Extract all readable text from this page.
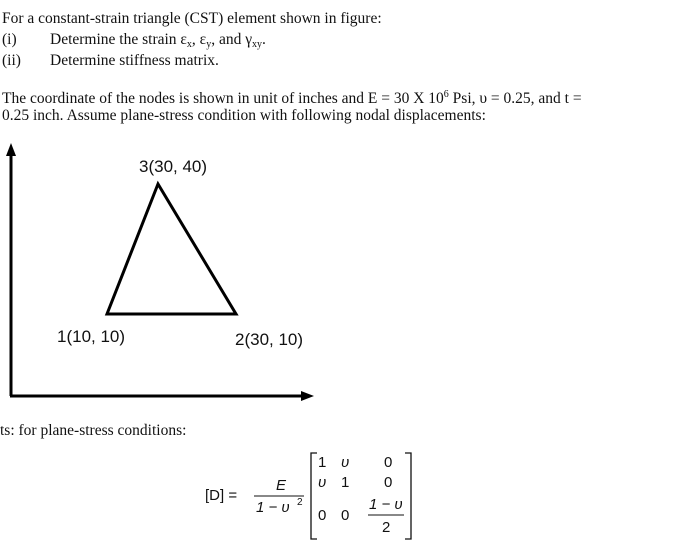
For a constant-strain triangle (CST) element shown in figure:
(i) Determine the strain $\varepsilon_x$, $\varepsilon_y$, and $\gamma_{xy}$.
(ii) Determine stiffness matrix.
The coordinate of the nodes is shown in unit of inches and E = 30 X $10^6$ Psi, υ = 0.25, and t =
0.25 inch. Assume plane-stress condition with following nodal displacements:
3(30, 40)
1(10, 10)	2(30, 10)
ts: for plane-stress conditions:
[D] =
E
1 − υ 2
1 υ 0
υ 1 0
0 0
1 − υ
2
